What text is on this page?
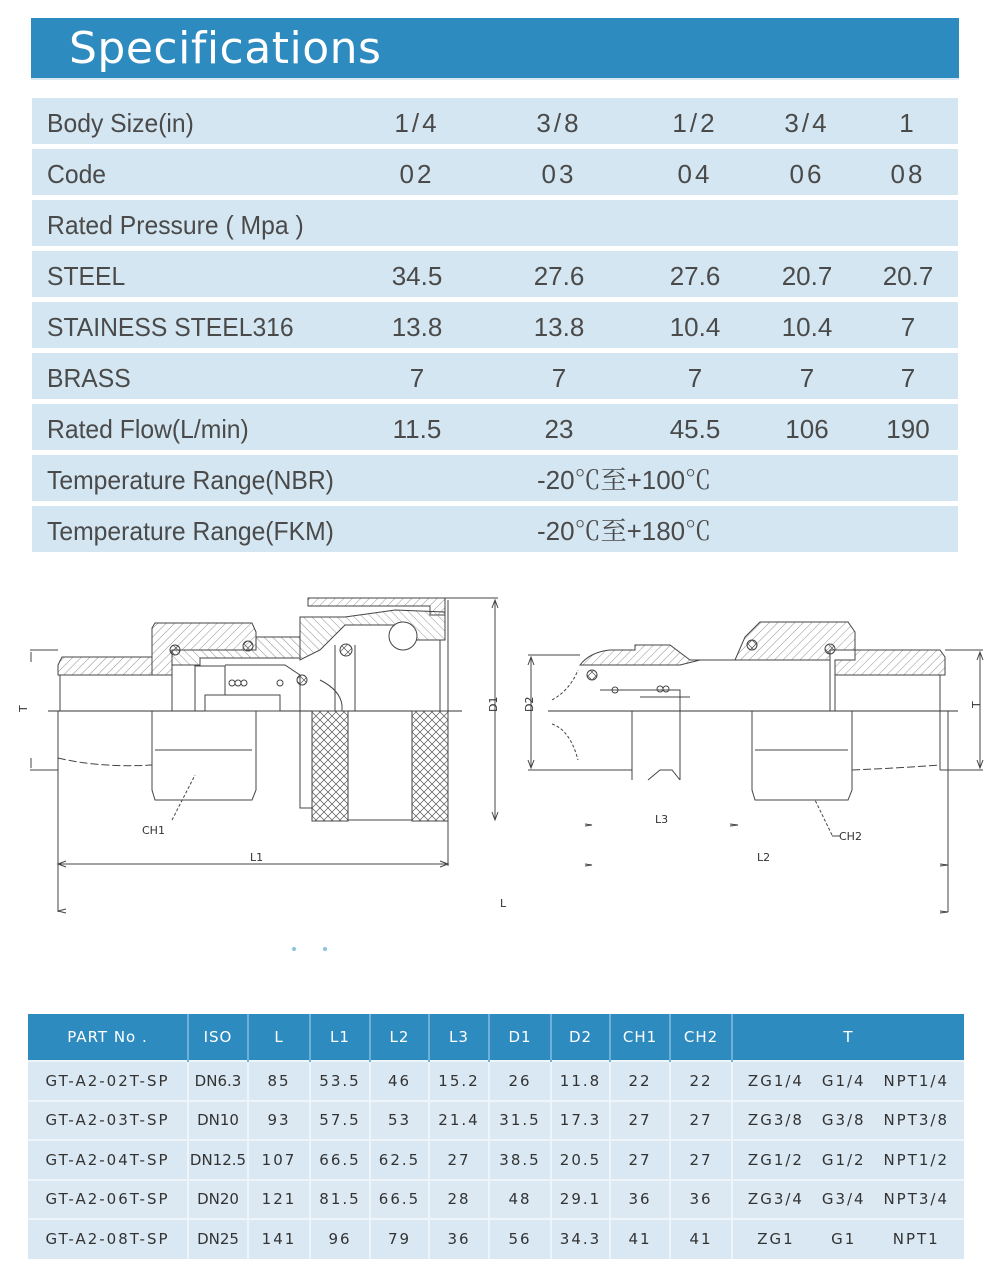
Specifications
Body Size(in)	1/4	3/8	1/2	3/4	1
Code	02	03	04	06	08
Rated Pressure ( Mpa )
STEEL	34.5	27.6	27.6	20.7	20.7
STAINESS STEEL316	13.8	13.8	10.4	10.4	7
BRASS	7	7	7	7	7
Rated Flow(L/min)	11.5	23	45.5	106	190
Temperature Range(NBR)	-20℃至+100℃
Temperature Range(FKM)	-20℃至+180℃
T	D1 D2	T
CH1
L1
L
L3
L2
CH2
PART No .	ISO	L	L1	L2	L3	D1	D2	CH1	CH2	T
GT-A2-02T-SP	DN6.3	85	53.5	46	15.2	26	11.8	22	22	ZG1/4 G1/4 NPT1/4

GT-A2-03T-SP	DN10	93	57.5	53	21.4	31.5	17.3	27	27	ZG3/8 G3/8 NPT3/8

GT-A2-04T-SP	DN12.5	107	66.5	62.5	27	38.5	20.5	27	27	ZG1/2 G1/2 NPT1/2

GT-A2-06T-SP	DN20	121	81.5	66.5	28	48	29.1	36	36	ZG3/4 G3/4 NPT3/4

GT-A2-08T-SP	DN25	141	96	79	36	56	34.3	41	41	ZG1 G1 NPT1
